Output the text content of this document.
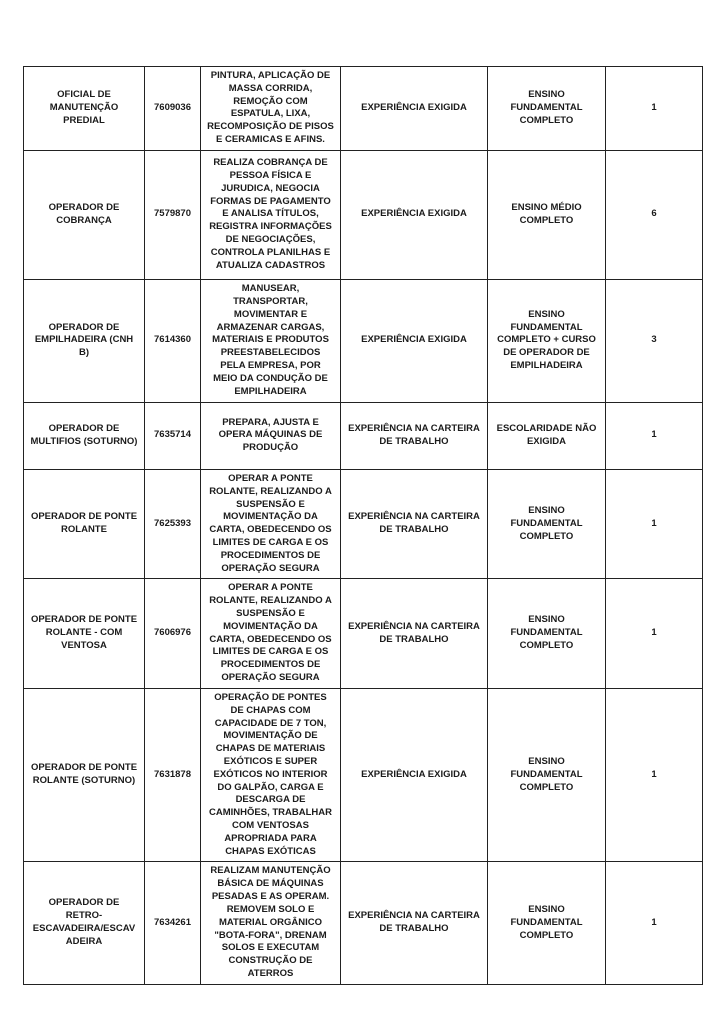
OFICIAL DE MANUTENÇÃO PREDIAL	7609036	PINTURA, APLICAÇÃO DE MASSA CORRIDA, REMOÇÃO COM ESPATULA, LIXA, RECOMPOSIÇÃO DE PISOS E CERAMICAS E AFINS.	EXPERIÊNCIA EXIGIDA	ENSINO FUNDAMENTAL COMPLETO	1
OPERADOR DE COBRANÇA	7579870	REALIZA COBRANÇA DE PESSOA FÍSICA E JURUDICA, NEGOCIA FORMAS DE PAGAMENTO E ANALISA TÍTULOS, REGISTRA INFORMAÇÕES DE NEGOCIAÇÕES, CONTROLA PLANILHAS E ATUALIZA CADASTROS	EXPERIÊNCIA EXIGIDA	ENSINO MÉDIO COMPLETO	6
OPERADOR DE EMPILHADEIRA (CNH B)	7614360	MANUSEAR, TRANSPORTAR, MOVIMENTAR E ARMAZENAR CARGAS, MATERIAIS E PRODUTOS PREESTABELECIDOS PELA EMPRESA, POR MEIO DA CONDUÇÃO DE EMPILHADEIRA	EXPERIÊNCIA EXIGIDA	ENSINO FUNDAMENTAL COMPLETO + CURSO DE OPERADOR DE EMPILHADEIRA	3
OPERADOR DE MULTIFIOS (SOTURNO)	7635714	PREPARA, AJUSTA E OPERA MÁQUINAS DE PRODUÇÃO	EXPERIÊNCIA NA CARTEIRA DE TRABALHO	ESCOLARIDADE NÃO EXIGIDA	1
OPERADOR DE PONTE ROLANTE	7625393	OPERAR A PONTE ROLANTE, REALIZANDO A SUSPENSÃO E MOVIMENTAÇÃO DA CARTA, OBEDECENDO OS LIMITES DE CARGA E OS PROCEDIMENTOS DE OPERAÇÃO SEGURA	EXPERIÊNCIA NA CARTEIRA DE TRABALHO	ENSINO FUNDAMENTAL COMPLETO	1
OPERADOR DE PONTE ROLANTE - COM VENTOSA	7606976	OPERAR A PONTE ROLANTE, REALIZANDO A SUSPENSÃO E MOVIMENTAÇÃO DA CARTA, OBEDECENDO OS LIMITES DE CARGA E OS PROCEDIMENTOS DE OPERAÇÃO SEGURA	EXPERIÊNCIA NA CARTEIRA DE TRABALHO	ENSINO FUNDAMENTAL COMPLETO	1
OPERADOR DE PONTE ROLANTE (SOTURNO)	7631878	OPERAÇÃO DE PONTES DE CHAPAS COM CAPACIDADE DE 7 TON, MOVIMENTAÇÃO DE CHAPAS DE MATERIAIS EXÓTICOS E SUPER EXÓTICOS NO INTERIOR DO GALPÃO, CARGA E DESCARGA DE CAMINHÕES, TRABALHAR COM VENTOSAS APROPRIADA PARA CHAPAS EXÓTICAS	EXPERIÊNCIA EXIGIDA	ENSINO FUNDAMENTAL COMPLETO	1
OPERADOR DE RETRO-ESCAVADEIRA/ESCAVADEIRA	7634261	REALIZAM MANUTENÇÃO BÁSICA DE MÁQUINAS PESADAS E AS OPERAM. REMOVEM SOLO E MATERIAL ORGÂNICO "BOTA-FORA", DRENAM SOLOS E EXECUTAM CONSTRUÇÃO DE ATERROS	EXPERIÊNCIA NA CARTEIRA DE TRABALHO	ENSINO FUNDAMENTAL COMPLETO	1
